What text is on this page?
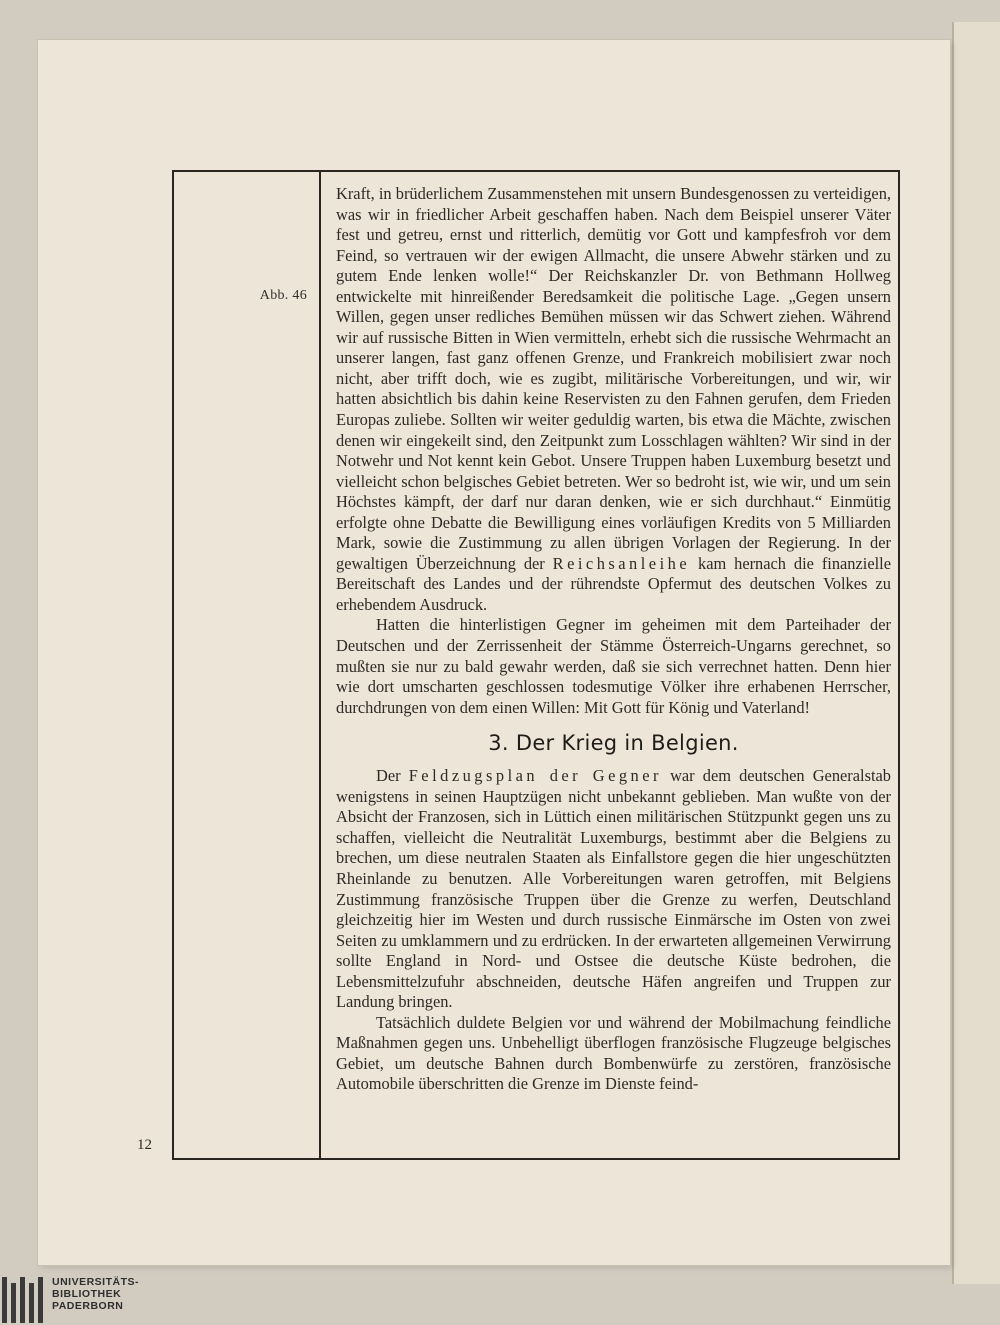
Abb. 46

Kraft, in brüderlichem Zusammenstehen mit unsern Bundesgenossen zu verteidigen, was wir in friedlicher Arbeit geschaffen haben. Nach dem Beispiel unserer Väter fest und getreu, ernst und ritterlich, demütig vor Gott und kampfesfroh vor dem Feind, so vertrauen wir der ewigen Allmacht, die unsere Abwehr stärken und zu gutem Ende lenken wolle!“ Der Reichskanzler Dr. von Bethmann Hollweg entwickelte mit hinreißender Beredsamkeit die politische Lage. „Gegen unsern Willen, gegen unser redliches Bemühen müssen wir das Schwert ziehen. Während wir auf russische Bitten in Wien vermitteln, erhebt sich die russische Wehrmacht an unserer langen, fast ganz offenen Grenze, und Frankreich mobilisiert zwar noch nicht, aber trifft doch, wie es zugibt, militärische Vorbereitungen, und wir, wir hatten absichtlich bis dahin keine Reservisten zu den Fahnen gerufen, dem Frieden Europas zuliebe. Sollten wir weiter geduldig warten, bis etwa die Mächte, zwischen denen wir eingekeilt sind, den Zeitpunkt zum Losschlagen wählten? Wir sind in der Notwehr und Not kennt kein Gebot. Unsere Truppen haben Luxemburg besetzt und vielleicht schon belgisches Gebiet betreten. Wer so bedroht ist, wie wir, und um sein Höchstes kämpft, der darf nur daran denken, wie er sich durchhaut.“ Einmütig erfolgte ohne Debatte die Bewilligung eines vorläufigen Kredits von 5 Milliarden Mark, sowie die Zustimmung zu allen übrigen Vorlagen der Regierung. In der gewaltigen Überzeichnung der Reichsanleihe kam hernach die finanzielle Bereitschaft des Landes und der rührendste Opfermut des deutschen Volkes zu erhebendem Ausdruck.

Hatten die hinterlistigen Gegner im geheimen mit dem Parteihader der Deutschen und der Zerrissenheit der Stämme Österreich-Ungarns gerechnet, so mußten sie nur zu bald gewahr werden, daß sie sich verrechnet hatten. Denn hier wie dort umscharten geschlossen todesmutige Völker ihre erhabenen Herrscher, durchdrungen von dem einen Willen: Mit Gott für König und Vaterland!

3. Der Krieg in Belgien.

Der Feldzugsplan der Gegner war dem deutschen Generalstab wenigstens in seinen Hauptzügen nicht unbekannt geblieben. Man wußte von der Absicht der Franzosen, sich in Lüttich einen militärischen Stützpunkt gegen uns zu schaffen, vielleicht die Neutralität Luxemburgs, bestimmt aber die Belgiens zu brechen, um diese neutralen Staaten als Einfallstore gegen die hier ungeschützten Rheinlande zu benutzen. Alle Vorbereitungen waren getroffen, mit Belgiens Zustimmung französische Truppen über die Grenze zu werfen, Deutschland gleichzeitig hier im Westen und durch russische Einmärsche im Osten von zwei Seiten zu umklammern und zu erdrücken. In der erwarteten allgemeinen Verwirrung sollte England in Nord- und Ostsee die deutsche Küste bedrohen, die Lebensmittelzufuhr abschneiden, deutsche Häfen angreifen und Truppen zur Landung bringen.

Tatsächlich duldete Belgien vor und während der Mobilmachung feindliche Maßnahmen gegen uns. Unbehelligt überflogen französische Flugzeuge belgisches Gebiet, um deutsche Bahnen durch Bombenwürfe zu zerstören, französische Automobile überschritten die Grenze im Dienste feind-

12
UNIVERSITÄTS-
BIBLIOTHEK
PADERBORN
